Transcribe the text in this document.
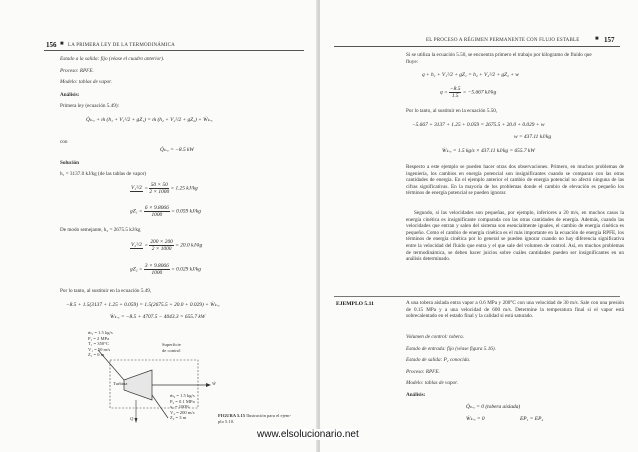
156 ■ LA PRIMERA LEY DE LA TERMODINÁMICA
Estado a la salida: fijo (véase el cuadro anterior).
Proceso: RPFE.
Modelo: tablas de vapor.
Análisis:
Primera ley (ecuación 5.49):
Q̇ₖ.ₑ + ṁ (h₁ + V₁²/2 + gZ₁) = ṁ (h₂ + V₂²/2 + gZ₂) + Ẇₖ.ₑ
con
Q̇ₖ.ₑ = −8.5 kW
Solución
h₁ = 3137.0 kJ/kg (de las tablas de vapor)
$V_1^2/2 = \frac{50 \times 50}{2 \times 1000} = 1.25$ kJ/kg
$gZ_1 = \frac{6 \times 9.8066}{1000} = 0.059$ kJ/kg
De modo semejante, h₂ = 2675.5 kJ/kg
$V_2^2/2 = \frac{200 \times 200}{2 \times 1000} = 20.0$ kJ/kg
$gZ_2 = \frac{3 \times 9.8066}{1000} = 0.029$ kJ/kg
Por lo tanto, al sustituir en la ecuación 5.49,
−8.5 + 1.5(3137 + 1.25 + 0.059) = 1.5(2675.5 + 20.0 + 0.029) + Ẇₖ.ₑ
Ẇₖ.ₑ = −8.5 + 4707.5 − 4043.3 = 655.7 kW
ṁ₁ = 1.5 kg/s
P₁ = 2 MPa
T₁ = 350°C
V₁ = 50 m/s
Z₁ = 6 m
Superficie
de control
Turbina	Ẇ
Q
ṁ₂ = 1.5 kg/s
P₂ = 0.1 MPa
x₂ = 100%
V₂ = 200 m/s
Z₂ = 3 m	FIGURA 5.15 Ilustración para el ejem-
plo 5.10.
EL PROCESO A RÉGIMEN PERMANENTE CON FLUJO ESTABLE	■ 157
Si se utiliza la ecuación 5.50, se encuentra primero el trabajo por kilogramo de fluido que
fluye:
q + h₁ + V₁²/2 + gZ₁ = h₂ + V₂²/2 + gZ₂ + w
$q = \frac{-8.5}{1.5} = -5.667$ kJ/kg
Por lo tanto, al sustituir en la ecuación 5.50,
−5.667 + 3137 + 1.25 + 0.059 = 2675.5 + 20.0 + 0.029 + w
w = 437.11 kJ/kg
Ẇₖ.ₑ = 1.5 kg/s × 437.11 kJ/kg = 655.7 kW
Respecto a este ejemplo se pueden hacer otras dos observaciones. Primero, en muchos problemas de ingeniería, los cambios en energía potencial son insignificantes cuando se comparan con las otras cantidades de energía. En el ejemplo anterior el cambio de energía potencial no afectó ninguna de las cifras significativas. En la mayoría de los problemas donde el cambio de elevación es pequeño los términos de energía potencial se pueden ignorar.
Segundo, si las velocidades son pequeñas, por ejemplo, inferiores a 20 m/s, en muchos casos la energía cinética es insignificante comparada con las otras cantidades de energía. Además, cuando las velocidades que entran y salen del sistema son esencialmente iguales, el cambio de energía cinética es pequeño. Como el cambio de energía cinética es el más importante en la ecuación de energía RPFE, los términos de energía cinética por lo general se pueden ignorar cuando no hay diferencia significativa entre la velocidad del fluido que entra y el que sale del volumen de control. Así, en muchos problemas de termodinámica, se deben hacer juicios sobre cuáles cantidades pueden ser insignificantes en un análisis determinado.
EJEMPLO 5.11	A una tobera aislada entra vapor a 0.6 MPa y 200°C con una velocidad de 30 m/s. Sale con una presión de 0.15 MPa y a una velocidad de 600 m/s. Determine la temperatura final si el vapor está sobrecalentado en el estado final y la calidad si está saturado.
Volumen de control: tobera.
Estado de entrada: fijo (véase figura 5.16).
Estado de salida: P₂ conocida.
Proceso: RPFE.
Modelo: tablas de vapor.
Análisis:
Q̇ₖ.ₑ = 0 (tobera aislada)
Ẇₖ.ₑ = 0	EP₁ = EP₂
www.elsolucionario.net
